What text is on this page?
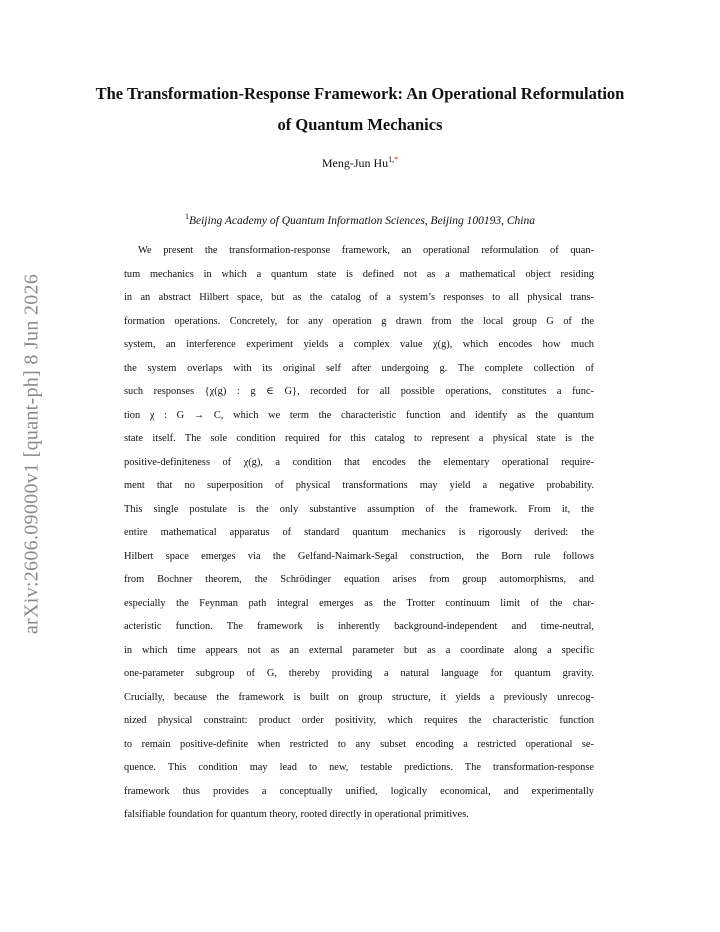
arXiv:2606.09000v1 [quant-ph] 8 Jun 2026
The Transformation-Response Framework: An Operational Reformulation
of Quantum Mechanics
Meng-Jun $Hu^{1,*}$
$^1$Beijing Academy of Quantum Information Sciences, Beijing 100193, China

We present the transformation-response framework, an operational reformulation of quan-
tum mechanics in which a quantum state is defined not as a mathematical object residing
in an abstract Hilbert space, but as the catalog of a system’s responses to all physical trans-
formation operations. Concretely, for any operation g drawn from the local group G of the
system, an interference experiment yields a complex value χ(g), which encodes how much
the system overlaps with its original self after undergoing g. The complete collection of
such responses {χ(g) : g ∈ G}, recorded for all possible operations, constitutes a func-
tion χ : G → C, which we term the characteristic function and identify as the quantum
state itself. The sole condition required for this catalog to represent a physical state is the
positive-definiteness of χ(g), a condition that encodes the elementary operational require-
ment that no superposition of physical transformations may yield a negative probability.
This single postulate is the only substantive assumption of the framework. From it, the
entire mathematical apparatus of standard quantum mechanics is rigorously derived: the
Hilbert space emerges via the Gelfand-Naimark-Segal construction, the Born rule follows
from Bochner theorem, the Schrödinger equation arises from group automorphisms, and
especially the Feynman path integral emerges as the Trotter continuum limit of the char-
acteristic function. The framework is inherently background-independent and time-neutral,
in which time appears not as an external parameter but as a coordinate along a specific
one-parameter subgroup of G, thereby providing a natural language for quantum gravity.
Crucially, because the framework is built on group structure, it yields a previously unrecog-
nized physical constraint: product order positivity, which requires the characteristic function
to remain positive-definite when restricted to any subset encoding a restricted operational se-
quence. This condition may lead to new, testable predictions. The transformation-response
framework thus provides a conceptually unified, logically economical, and experimentally
falsifiable foundation for quantum theory, rooted directly in operational primitives.
